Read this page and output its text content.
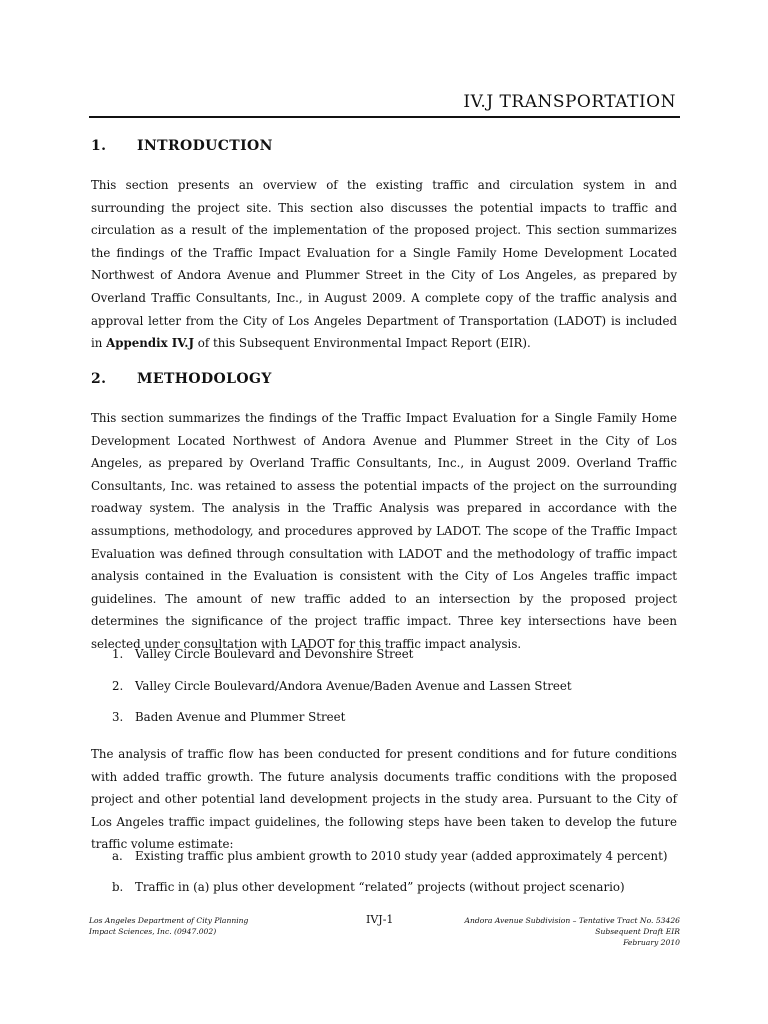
IV.J TRANSPORTATION
1. INTRODUCTION

This section presents an overview of the existing traffic and circulation system in and surrounding the project site. This section also discusses the potential impacts to traffic and circulation as a result of the implementation of the proposed project. This section summarizes the findings of the Traffic Impact Evaluation for a Single Family Home Development Located Northwest of Andora Avenue and Plummer Street in the City of Los Angeles, as prepared by Overland Traffic Consultants, Inc., in August 2009. A complete copy of the traffic analysis and approval letter from the City of Los Angeles Department of Transportation (LADOT) is included in Appendix IV.J of this Subsequent Environmental Impact Report (EIR).

2. METHODOLOGY

This section summarizes the findings of the Traffic Impact Evaluation for a Single Family Home Development Located Northwest of Andora Avenue and Plummer Street in the City of Los Angeles, as prepared by Overland Traffic Consultants, Inc., in August 2009. Overland Traffic Consultants, Inc. was retained to assess the potential impacts of the project on the surrounding roadway system. The analysis in the Traffic Analysis was prepared in accordance with the assumptions, methodology, and procedures approved by LADOT. The scope of the Traffic Impact Evaluation was defined through consultation with LADOT and the methodology of traffic impact analysis contained in the Evaluation is consistent with the City of Los Angeles traffic impact guidelines. The amount of new traffic added to an intersection by the proposed project determines the significance of the project traffic impact. Three key intersections have been selected under consultation with LADOT for this traffic impact analysis.

1. Valley Circle Boulevard and Devonshire Street
2. Valley Circle Boulevard/Andora Avenue/Baden Avenue and Lassen Street
3. Baden Avenue and Plummer Street

The analysis of traffic flow has been conducted for present conditions and for future conditions with added traffic growth. The future analysis documents traffic conditions with the proposed project and other potential land development projects in the study area. Pursuant to the City of Los Angeles traffic impact guidelines, the following steps have been taken to develop the future traffic volume estimate:

a. Existing traffic plus ambient growth to 2010 study year (added approximately 4 percent)
b. Traffic in (a) plus other development “related” projects (without project scenario)
Los Angeles Department of City Planning
Impact Sciences, Inc. (0947.002)
IVJ-1	Andora Avenue Subdivision – Tentative Tract No. 53426
Subsequent Draft EIR
February 2010
